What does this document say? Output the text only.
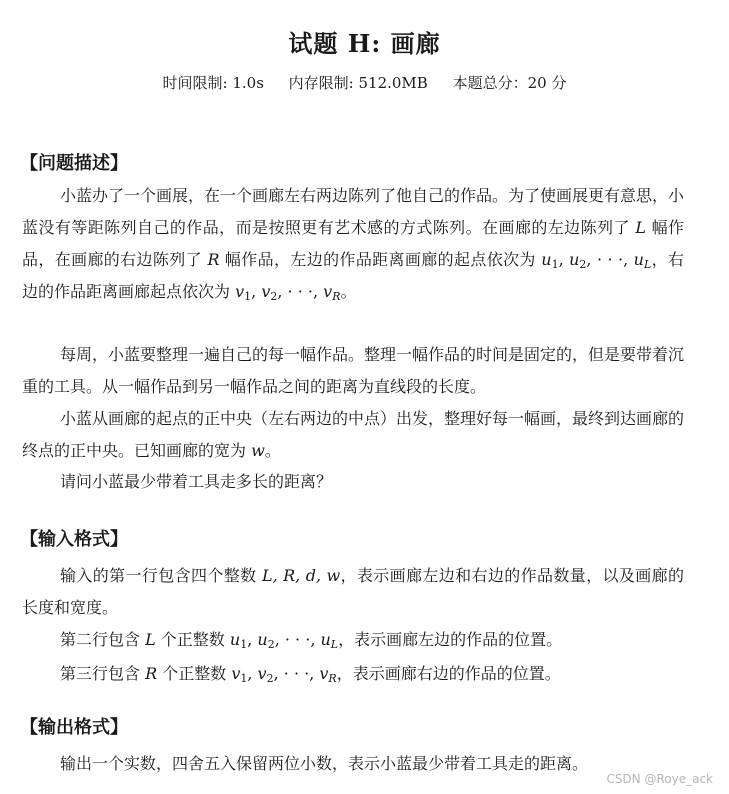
试题 H: 画廊
时间限制: 1.0s 内存限制: 512.0MB 本题总分：20 分
【问题描述】
小蓝办了一个画展，在一个画廊左右两边陈列了他自己的作品。为了使画展更有意思，小蓝没有等距陈列自己的作品，而是按照更有艺术感的方式陈列。在画廊的左边陈列了 L 幅作品，在画廊的右边陈列了 R 幅作品，左边的作品距离画廊的起点依次为 $u_1$, $u_2$, · · ·, $u_L$，右边的作品距离画廊起点依次为 $v_1$, $v_2$, · · ·, $v_R$。
每周，小蓝要整理一遍自己的每一幅作品。整理一幅作品的时间是固定的，但是要带着沉重的工具。从一幅作品到另一幅作品之间的距离为直线段的长度。
小蓝从画廊的起点的正中央（左右两边的中点）出发，整理好每一幅画，最终到达画廊的终点的正中央。已知画廊的宽为 w。
请问小蓝最少带着工具走多长的距离？
【输入格式】
输入的第一行包含四个整数 L, R, d, w，表示画廊左边和右边的作品数量，以及画廊的长度和宽度。
第二行包含 L 个正整数 $u_1$, $u_2$, · · ·, $u_L$，表示画廊左边的作品的位置。
第三行包含 R 个正整数 $v_1$, $v_2$, · · ·, $v_R$，表示画廊右边的作品的位置。
【输出格式】
输出一个实数，四舍五入保留两位小数，表示小蓝最少带着工具走的距离。
CSDN @Roye_ack
